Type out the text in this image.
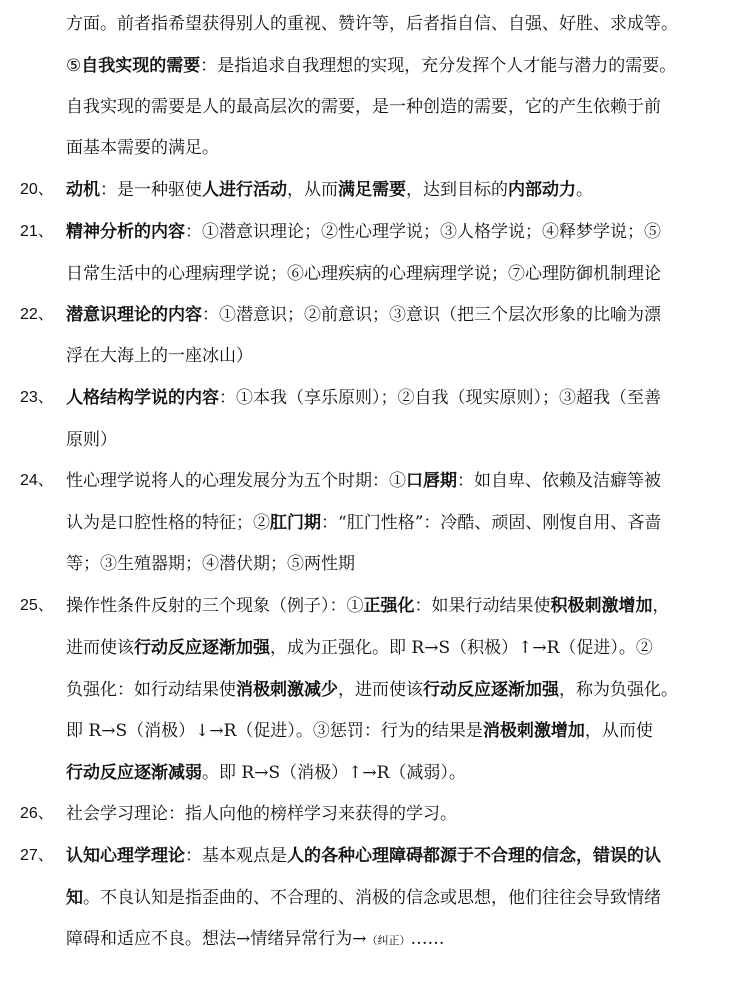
方面。前者指希望获得别人的重视、赞许等，后者指自信、自强、好胜、求成等。
⑤自我实现的需要：是指追求自我理想的实现，充分发挥个人才能与潜力的需要。
自我实现的需要是人的最高层次的需要，是一种创造的需要，它的产生依赖于前
面基本需要的满足。
20、 动机：是一种驱使人进行活动，从而满足需要，达到目标的内部动力。
21、 精神分析的内容：①潜意识理论；②性心理学说；③人格学说；④释梦学说；⑤
日常生活中的心理病理学说；⑥心理疾病的心理病理学说；⑦心理防御机制理论
22、 潜意识理论的内容：①潜意识；②前意识；③意识（把三个层次形象的比喻为漂
浮在大海上的一座冰山）
23、 人格结构学说的内容：①本我（享乐原则）；②自我（现实原则）；③超我（至善
原则）
24、 性心理学说将人的心理发展分为五个时期：①口唇期：如自卑、依赖及洁癖等被
认为是口腔性格的特征；②肛门期：“肛门性格”：冷酷、顽固、刚愎自用、吝啬
等；③生殖器期；④潜伏期；⑤两性期
25、 操作性条件反射的三个现象（例子）：①正强化：如果行动结果使积极刺激增加，
进而使该行动反应逐渐加强，成为正强化。即 R→S（积极）↑→R（促进）。②
负强化：如行动结果使消极刺激减少，进而使该行动反应逐渐加强，称为负强化。
即 R→S（消极）↓→R（促进）。③惩罚：行为的结果是消极刺激增加，从而使
行动反应逐渐减弱。即 R→S（消极）↑→R（减弱）。
26、 社会学习理论：指人向他的榜样学习来获得的学习。
27、 认知心理学理论：基本观点是人的各种心理障碍都源于不合理的信念，错误的认
知。不良认知是指歪曲的、不合理的、消极的信念或思想，他们往往会导致情绪
障碍和适应不良。想法→情绪异常行为→（纠正）……
